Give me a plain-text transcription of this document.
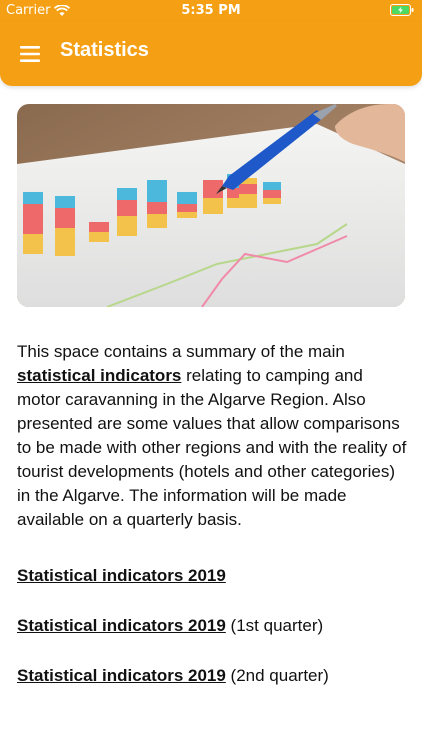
Carrier	5:35 PM
Statistics

This space contains a summary of the main statistical indicators relating to camping and motor caravanning in the Algarve Region. Also presented are some values that allow comparisons to be made with other regions and with the reality of tourist developments (hotels and other categories) in the Algarve. The information will be made available on a quarterly basis.

Statistical indicators 2019

Statistical indicators 2019 (1st quarter)

Statistical indicators 2019 (2nd quarter)
